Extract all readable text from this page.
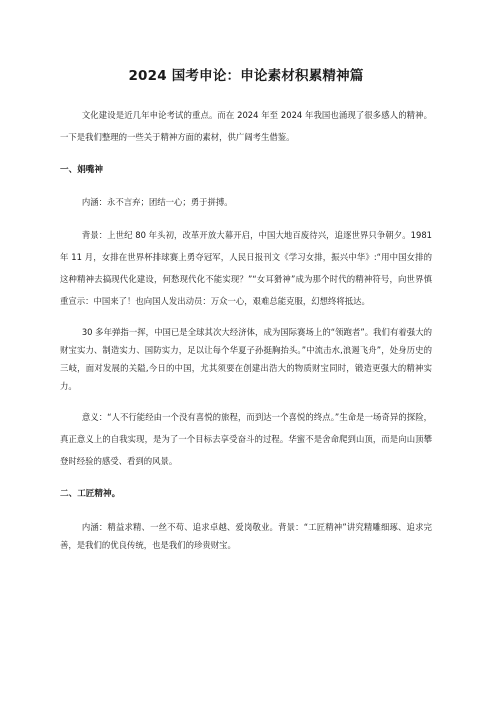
2024 国考申论：申论素材积累精神篇

文化建设是近几年申论考试的重点。而在 2024 年至 2024 年我国也涌现了很多感人的精神。一下是我们整理的一些关于精神方面的素材，供广阔考生借鉴。

一、娟嘴神

内涵：永不言弃；团结一心；勇于拼搏。

背景：上世纪 80 年头初，改革开放大幕开启，中国大地百废待兴，追逐世界只争朝夕。1981 年 11 月，女排在世界杯排球赛上勇夺冠军，人民日报刊文《学习女排，振兴中华》:“用中国女排的这种精神去搞现代化建设，何愁现代化不能实现？”“女耳猾神”成为那个时代的精神符号，向世界慎重宣示：中国来了！也向国人发出动员：万众一心，艰难总能克服，幻想终将抵达。

30 多年弹指一挥，中国已是全球其次大经济体，成为国际赛场上的“领跑者”。我们有着强大的财宝实力、制造实力、国防实力，足以让每个华夏子孙挺胸抬头。”中流击水,浪遏飞舟”，处身历史的三岐，面对发展的关隘,今日的中国，尤其须要在创建出浩大的物质财宝同时，锻造更强大的精神实力。

意义：“人不行能经由一个没有喜悦的旅程，而到达一个喜悦的终点。”生命是一场奇异的探险，真正意义上的自我实现，是为了一个目标去享受奋斗的过程。华蜜不是舍命爬到山顶，而是向山顶攀登时经验的感受、看到的风景。

二、工匠精神。

内涵：精益求精、一丝不苟、追求卓越、爱岗敬业。背景：“工匠精神”讲究精雕细琢、追求完善，是我们的优良传统，也是我们的珍贵财宝。
